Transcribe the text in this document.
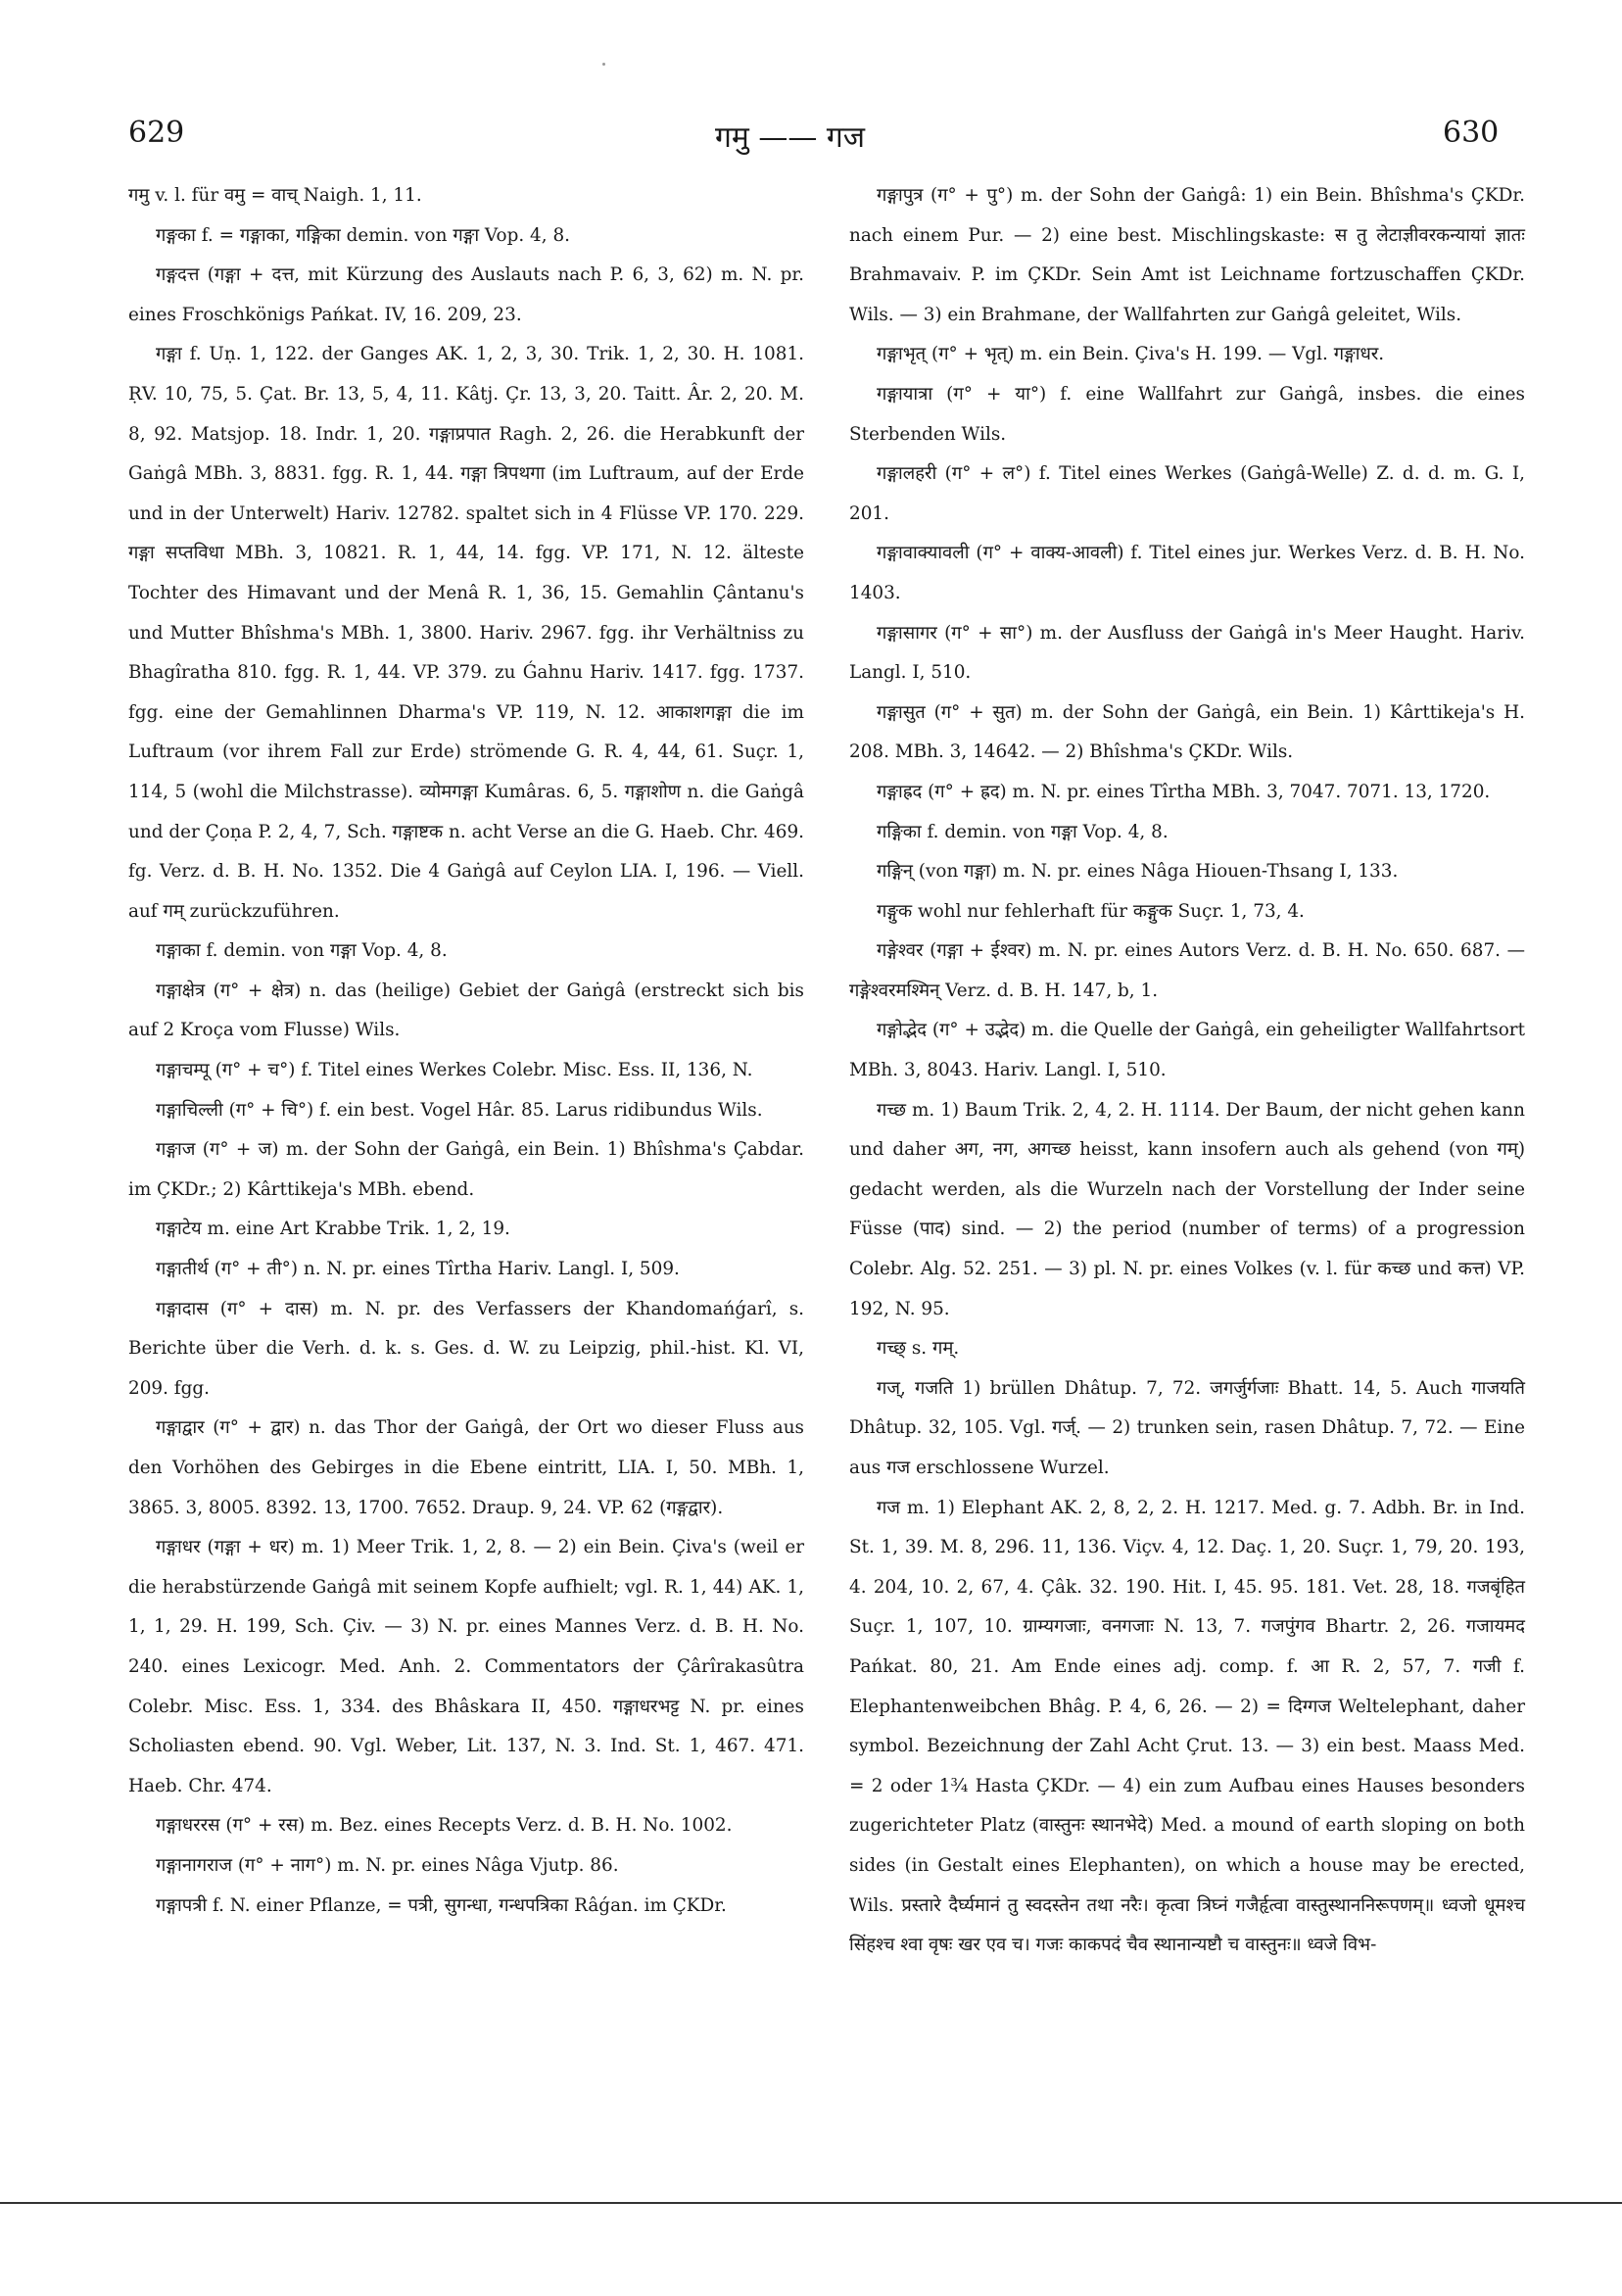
629	गमु —— गज	630

गमु v. l. für वमु = वाच् Naigh. 1, 11.

गङ्गका f. = गङ्गाका, गङ्गिका demin. von गङ्गा Vop. 4, 8.

गङ्गदत्त (गङ्गा + दत्त, mit Kürzung des Auslauts nach P. 6, 3, 62) m. N. pr. eines Froschkönigs Pańkat. IV, 16. 209, 23.

गङ्गा f. Uṇ. 1, 122. der Ganges AK. 1, 2, 3, 30. Trik. 1, 2, 30. H. 1081. ṚV. 10, 75, 5. Çat. Br. 13, 5, 4, 11. Kâtj. Çr. 13, 3, 20. Taitt. Âr. 2, 20. M. 8, 92. Matsjop. 18. Indr. 1, 20. गङ्गाप्रपात Ragh. 2, 26. die Herabkunft der Gaṅgâ MBh. 3, 8831. fgg. R. 1, 44. गङ्गा त्रिपथगा (im Luftraum, auf der Erde und in der Unterwelt) Hariv. 12782. spaltet sich in 4 Flüsse VP. 170. 229. गङ्गा सप्तविधा MBh. 3, 10821. R. 1, 44, 14. fgg. VP. 171, N. 12. älteste Tochter des Himavant und der Menâ R. 1, 36, 15. Gemahlin Çântanu's und Mutter Bhîshma's MBh. 1, 3800. Hariv. 2967. fgg. ihr Verhältniss zu Bhagîratha 810. fgg. R. 1, 44. VP. 379. zu Ǵahnu Hariv. 1417. fgg. 1737. fgg. eine der Gemahlinnen Dharma's VP. 119, N. 12. आकाशगङ्गा die im Luftraum (vor ihrem Fall zur Erde) strömende G. R. 4, 44, 61. Suçr. 1, 114, 5 (wohl die Milchstrasse). व्योमगङ्गा Kumâras. 6, 5. गङ्गाशोण n. die Gaṅgâ und der Çoṇa P. 2, 4, 7, Sch. गङ्गाष्टक n. acht Verse an die G. Haeb. Chr. 469. fg. Verz. d. B. H. No. 1352. Die 4 Gaṅgâ auf Ceylon LIA. I, 196. — Viell. auf गम् zurückzuführen.

गङ्गाका f. demin. von गङ्गा Vop. 4, 8.

गङ्गाक्षेत्र (ग° + क्षेत्र) n. das (heilige) Gebiet der Gaṅgâ (erstreckt sich bis auf 2 Kroça vom Flusse) Wils.

गङ्गाचम्पू (ग° + च°) f. Titel eines Werkes Colebr. Misc. Ess. II, 136, N.

गङ्गाचिल्ली (ग° + चि°) f. ein best. Vogel Hâr. 85. Larus ridibundus Wils.

गङ्गाज (ग° + ज) m. der Sohn der Gaṅgâ, ein Bein. 1) Bhîshma's Çabdar. im ÇKDr.; 2) Kârttikeja's MBh. ebend.

गङ्गाटेय m. eine Art Krabbe Trik. 1, 2, 19.

गङ्गातीर्थ (ग° + ती°) n. N. pr. eines Tîrtha Hariv. Langl. I, 509.

गङ्गादास (ग° + दास) m. N. pr. des Verfassers der Khandomańǵarî, s. Berichte über die Verh. d. k. s. Ges. d. W. zu Leipzig, phil.-hist. Kl. VI, 209. fgg.

गङ्गाद्वार (ग° + द्वार) n. das Thor der Gaṅgâ, der Ort wo dieser Fluss aus den Vorhöhen des Gebirges in die Ebene eintritt, LIA. I, 50. MBh. 1, 3865. 3, 8005. 8392. 13, 1700. 7652. Draup. 9, 24. VP. 62 (गङ्गद्वार).

गङ्गाधर (गङ्गा + धर) m. 1) Meer Trik. 1, 2, 8. — 2) ein Bein. Çiva's (weil er die herabstürzende Gaṅgâ mit seinem Kopfe aufhielt; vgl. R. 1, 44) AK. 1, 1, 1, 29. H. 199, Sch. Çiv. — 3) N. pr. eines Mannes Verz. d. B. H. No. 240. eines Lexicogr. Med. Anh. 2. Commentators der Çârîrakasûtra Colebr. Misc. Ess. 1, 334. des Bhâskara II, 450. गङ्गाधरभट्ट N. pr. eines Scholiasten ebend. 90. Vgl. Weber, Lit. 137, N. 3. Ind. St. 1, 467. 471. Haeb. Chr. 474.

गङ्गाधररस (ग° + रस) m. Bez. eines Recepts Verz. d. B. H. No. 1002.

गङ्गानागराज (ग° + नाग°) m. N. pr. eines Nâga Vjutp. 86.

गङ्गापत्री f. N. einer Pflanze, = पत्री, सुगन्धा, गन्धपत्रिका Râǵan. im ÇKDr.

गङ्गापुत्र (ग° + पु°) m. der Sohn der Gaṅgâ: 1) ein Bein. Bhîshma's ÇKDr. nach einem Pur. — 2) eine best. Mischlingskaste: स तु लेटाज्ञीवरकन्यायां ज्ञातः Brahmavaiv. P. im ÇKDr. Sein Amt ist Leichname fortzuschaffen ÇKDr. Wils. — 3) ein Brahmane, der Wallfahrten zur Gaṅgâ geleitet, Wils.

गङ्गाभृत् (ग° + भृत्) m. ein Bein. Çiva's H. 199. — Vgl. गङ्गाधर.

गङ्गायात्रा (ग° + या°) f. eine Wallfahrt zur Gaṅgâ, insbes. die eines Sterbenden Wils.

गङ्गालहरी (ग° + ल°) f. Titel eines Werkes (Gaṅgâ-Welle) Z. d. d. m. G. I, 201.

गङ्गावाक्यावली (ग° + वाक्य-आवली) f. Titel eines jur. Werkes Verz. d. B. H. No. 1403.

गङ्गासागर (ग° + सा°) m. der Ausfluss der Gaṅgâ in's Meer Haught. Hariv. Langl. I, 510.

गङ्गासुत (ग° + सुत) m. der Sohn der Gaṅgâ, ein Bein. 1) Kârttikeja's H. 208. MBh. 3, 14642. — 2) Bhîshma's ÇKDr. Wils.

गङ्गाह्रद (ग° + ह्रद) m. N. pr. eines Tîrtha MBh. 3, 7047. 7071. 13, 1720.

गङ्गिका f. demin. von गङ्गा Vop. 4, 8.

गङ्गिन् (von गङ्गा) m. N. pr. eines Nâga Hiouen-Thsang I, 133.

गङ्गुक wohl nur fehlerhaft für कङ्गुक Suçr. 1, 73, 4.

गङ्गेश्वर (गङ्गा + ईश्वर) m. N. pr. eines Autors Verz. d. B. H. No. 650. 687. — गङ्गेश्वरमश्मिन् Verz. d. B. H. 147, b, 1.

गङ्गोद्भेद (ग° + उद्भेद) m. die Quelle der Gaṅgâ, ein geheiligter Wallfahrtsort MBh. 3, 8043. Hariv. Langl. I, 510.

गच्छ m. 1) Baum Trik. 2, 4, 2. H. 1114. Der Baum, der nicht gehen kann und daher अग, नग, अगच्छ heisst, kann insofern auch als gehend (von गम्) gedacht werden, als die Wurzeln nach der Vorstellung der Inder seine Füsse (पाद) sind. — 2) the period (number of terms) of a progression Colebr. Alg. 52. 251. — 3) pl. N. pr. eines Volkes (v. l. für कच्छ und कत्त) VP. 192, N. 95.

गच्छ् s. गम्.

गज्, गजति 1) brüllen Dhâtup. 7, 72. जगर्जुर्गजाः Bhatt. 14, 5. Auch गाजयति Dhâtup. 32, 105. Vgl. गर्ज्. — 2) trunken sein, rasen Dhâtup. 7, 72. — Eine aus गज erschlossene Wurzel.

गज m. 1) Elephant AK. 2, 8, 2, 2. H. 1217. Med. g. 7. Adbh. Br. in Ind. St. 1, 39. M. 8, 296. 11, 136. Viçv. 4, 12. Daç. 1, 20. Suçr. 1, 79, 20. 193, 4. 204, 10. 2, 67, 4. Çâk. 32. 190. Hit. I, 45. 95. 181. Vet. 28, 18. गजबृंहित Suçr. 1, 107, 10. ग्राम्यगजाः, वनगजाः N. 13, 7. गजपुंगव Bhartr. 2, 26. गजायमद Pańkat. 80, 21. Am Ende eines adj. comp. f. आ R. 2, 57, 7. गजी f. Elephantenweibchen Bhâg. P. 4, 6, 26. — 2) = दिग्गज Weltelephant, daher symbol. Bezeichnung der Zahl Acht Çrut. 13. — 3) ein best. Maass Med. = 2 oder 1¾ Hasta ÇKDr. — 4) ein zum Aufbau eines Hauses besonders zugerichteter Platz (वास्तुनः स्थानभेदे) Med. a mound of earth sloping on both sides (in Gestalt eines Elephanten), on which a house may be erected, Wils. प्रस्तारे दैर्घ्यमानं तु स्वदस्तेन तथा नरैः। कृत्वा त्रिघ्नं गजैर्हृत्वा वास्तुस्थाननिरूपणम्॥ ध्वजो धूमश्च सिंहश्च श्वा वृषः खर एव च। गजः काकपदं चैव स्थानान्यष्टौ च वास्तुनः॥ ध्वजे विभ-
